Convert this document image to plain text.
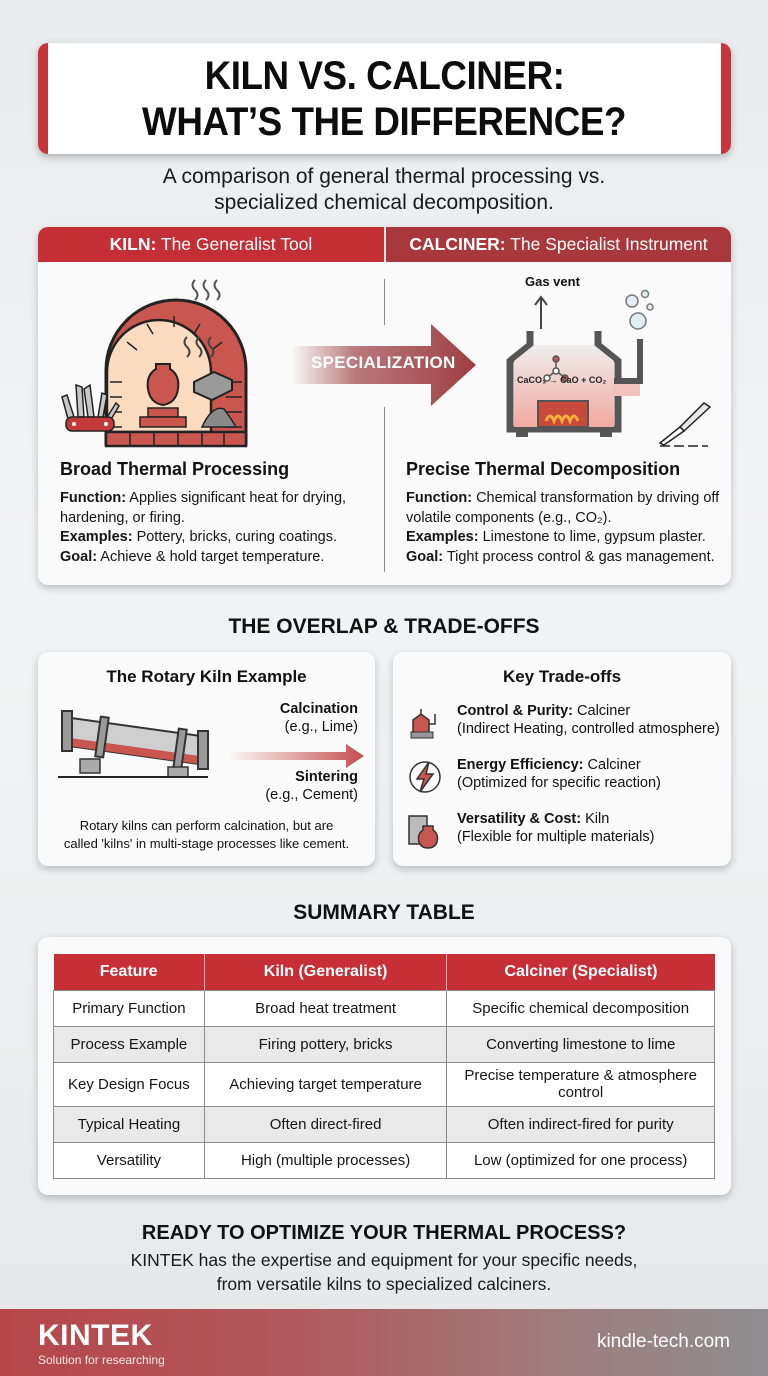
KILN VS. CALCINER:
WHAT’S THE DIFFERENCE?
A comparison of general thermal processing vs.
specialized chemical decomposition.
KILN: The Generalist Tool	CALCINER: The Specialist Instrument
SPECIALIZATION
Gas vent
CaCO₃ → CaO + CO₂
Broad Thermal Processing
Function: Applies significant heat for drying, hardening, or firing.
Examples: Pottery, bricks, curing coatings.
Goal: Achieve & hold target temperature.
Precise Thermal Decomposition
Function: Chemical transformation by driving off volatile components (e.g., CO₂).
Examples: Limestone to lime, gypsum plaster.
Goal: Tight process control & gas management.
THE OVERLAP & TRADE-OFFS
The Rotary Kiln Example
Calcination
(e.g., Lime)
Sintering
(e.g., Cement)
Rotary kilns can perform calcination, but are
called 'kilns' in multi-stage processes like cement.
Key Trade-offs
Control & Purity: Calciner
(Indirect Heating, controlled atmosphere)
Energy Efficiency: Calciner
(Optimized for specific reaction)
Versatility & Cost: Kiln
(Flexible for multiple materials)
SUMMARY TABLE
Feature	Kiln (Generalist)	Calciner (Specialist)
Primary Function	Broad heat treatment	Specific chemical decomposition
Process Example	Firing pottery, bricks	Converting limestone to lime
Key Design Focus	Achieving target temperature	Precise temperature & atmosphere control
Typical Heating	Often direct-fired	Often indirect-fired for purity
Versatility	High (multiple processes)	Low (optimized for one process)
READY TO OPTIMIZE YOUR THERMAL PROCESS?
KINTEK has the expertise and equipment for your specific needs,
from versatile kilns to specialized calciners.
KINTEK
Solution for researching
kindle-tech.com
